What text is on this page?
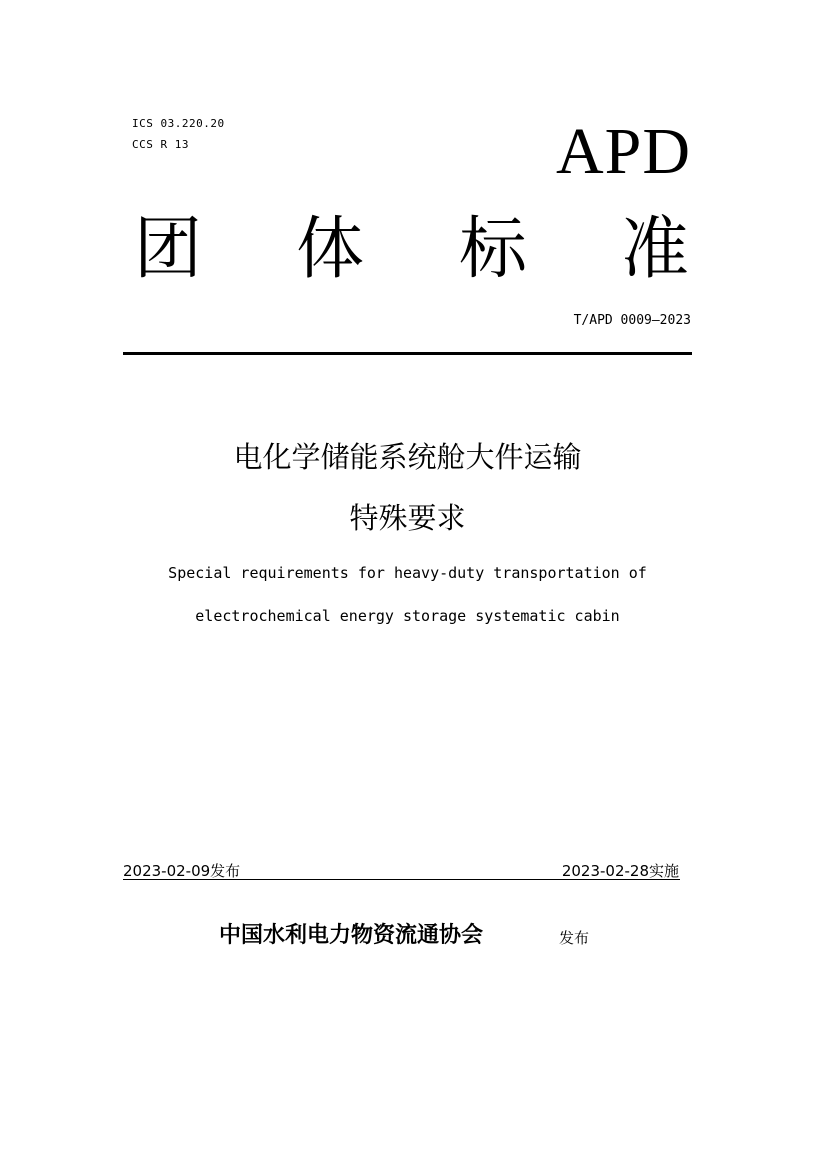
ICS 03.220.20
CCS R 13	APD
团 体 标 准
T/APD 0009—2023
电化学储能系统舱大件运输
特殊要求
Special requirements for heavy-duty transportation of
electrochemical energy storage systematic cabin
2023-02-09发布	2023-02-28实施
中国水利电力物资流通协会	发布
